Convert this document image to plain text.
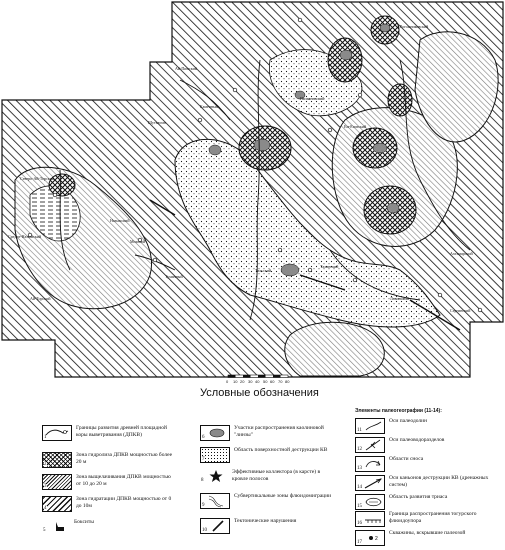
Шутьюган
Тальский
Моховой
Средне-Назымский
Пальяновский
Ем-Еговский
Сергинский
Каменный
Ловинский
Талинский
Ай-Торский
Туманный
Северо-Ай-Торский
Рогожниковский
Назымский
Ай-Пимский
Ахтамарский
0 10 20 30 40 50 60 70 80
Условные обозначения
Элементы палеогеографии (11-14):
1
Границы развития древней площадной коры выветривания (ДПКВ)
2
Зона гидролиза ДПКВ мощностью более 20 м
3
Зона выщелачивания ДПКВ мощностью от 10 до 20 м
4
Зона гидратации ДПКВ мощностью от 0 до 10м
5
Бокситы
6
Участки распространения каолиновой "линзы"
7
Область поверхностной деструкции КВ
8
Эффективные коллектора (в карсте) в кровле полосов
9
Субвертикальные зоны флюидомиграции
10
Тектонические нарушения
11
Оси палеодолин
12
Оси палеоводоразделов
13
Области сноса
14
Оси каньонов деструкции КВ (дренажных систем)
15
Область развития триаса
16
Граница распространения тогурского флюидоупора
2
17
Скважины, вскрывшие палеозой
